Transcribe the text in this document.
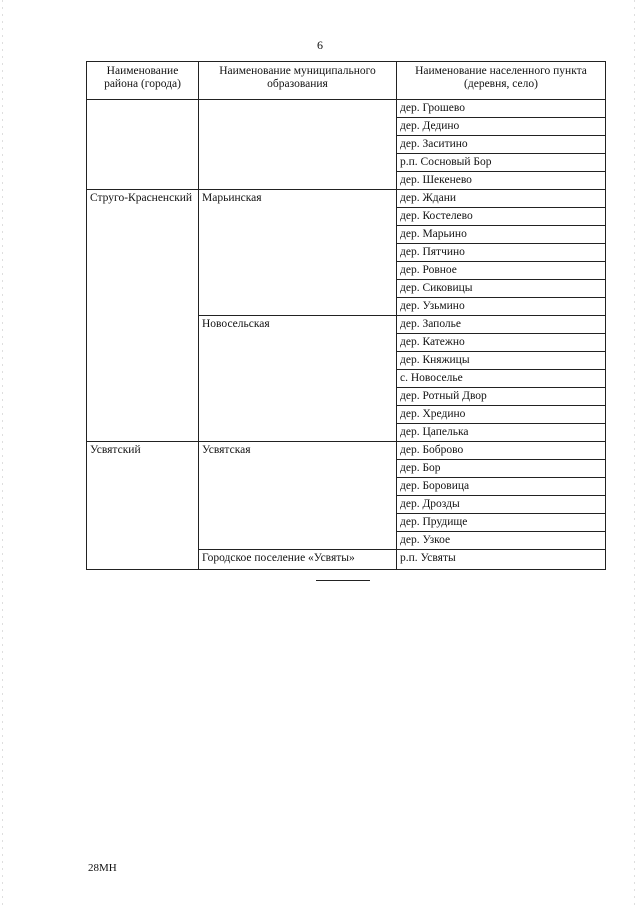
6
Наименование района (города)	Наименование муниципального образования	Наименование населенного пункта (деревня, село)
		дер. Грошево
		дер. Дедино
		дер. Заситино
		р.п. Сосновый Бор
		дер. Шекенево
Струго-Красненский	Марьинская	дер. Ждани
		дер. Костелево
		дер. Марьино
		дер. Пятчино
		дер. Ровное
		дер. Сиковицы
		дер. Узьмино
	Новосельская	дер. Заполье
		дер. Катежно
		дер. Княжицы
		с. Новоселье
		дер. Ротный Двор
		дер. Хредино
		дер. Цапелька
Усвятский	Усвятская	дер. Боброво
		дер. Бор
		дер. Боровица
		дер. Дрозды
		дер. Прудище
		дер. Узкое
	Городское поселение «Усвяты»	р.п. Усвяты
28МН
